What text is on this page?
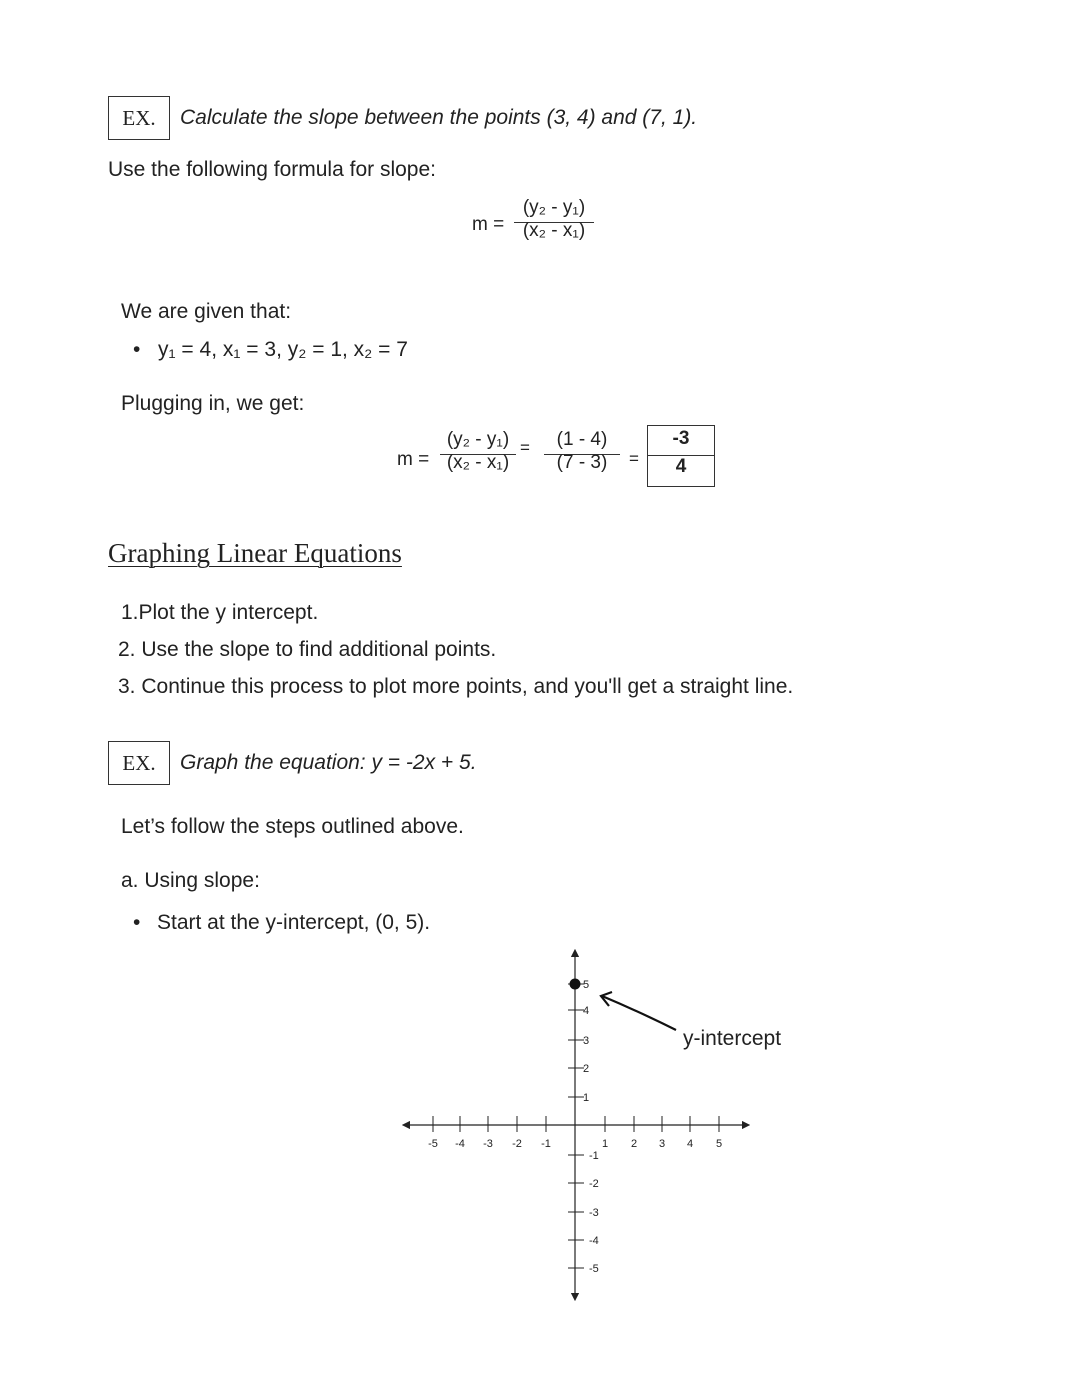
EX. Calculate the slope between the points (3, 4) and (7, 1).
Use the following formula for slope:
m =
(y₂ - y₁)
(x₂ - x₁)
We are given that:
• y₁ = 4, x₁ = 3, y₂ = 1, x₂ = 7
Plugging in, we get:
m =
(y₂ - y₁)
(x₂ - x₁)
=	(1 - 4)
(7 - 3)	=
-3
4
Graphing Linear Equations
1.Plot the y intercept.
2. Use the slope to find additional points.
3. Continue this process to plot more points, and you'll get a straight line.
EX. Graph the equation: y = -2x + 5.
Let’s follow the steps outlined above.
a. Using slope:
• Start at the y-intercept, (0, 5).
-5 -4 -3 -2 -1	1 2 3 4 5
5
4
3
2
1
-1
-2
-3
-4
-5
y-intercept
